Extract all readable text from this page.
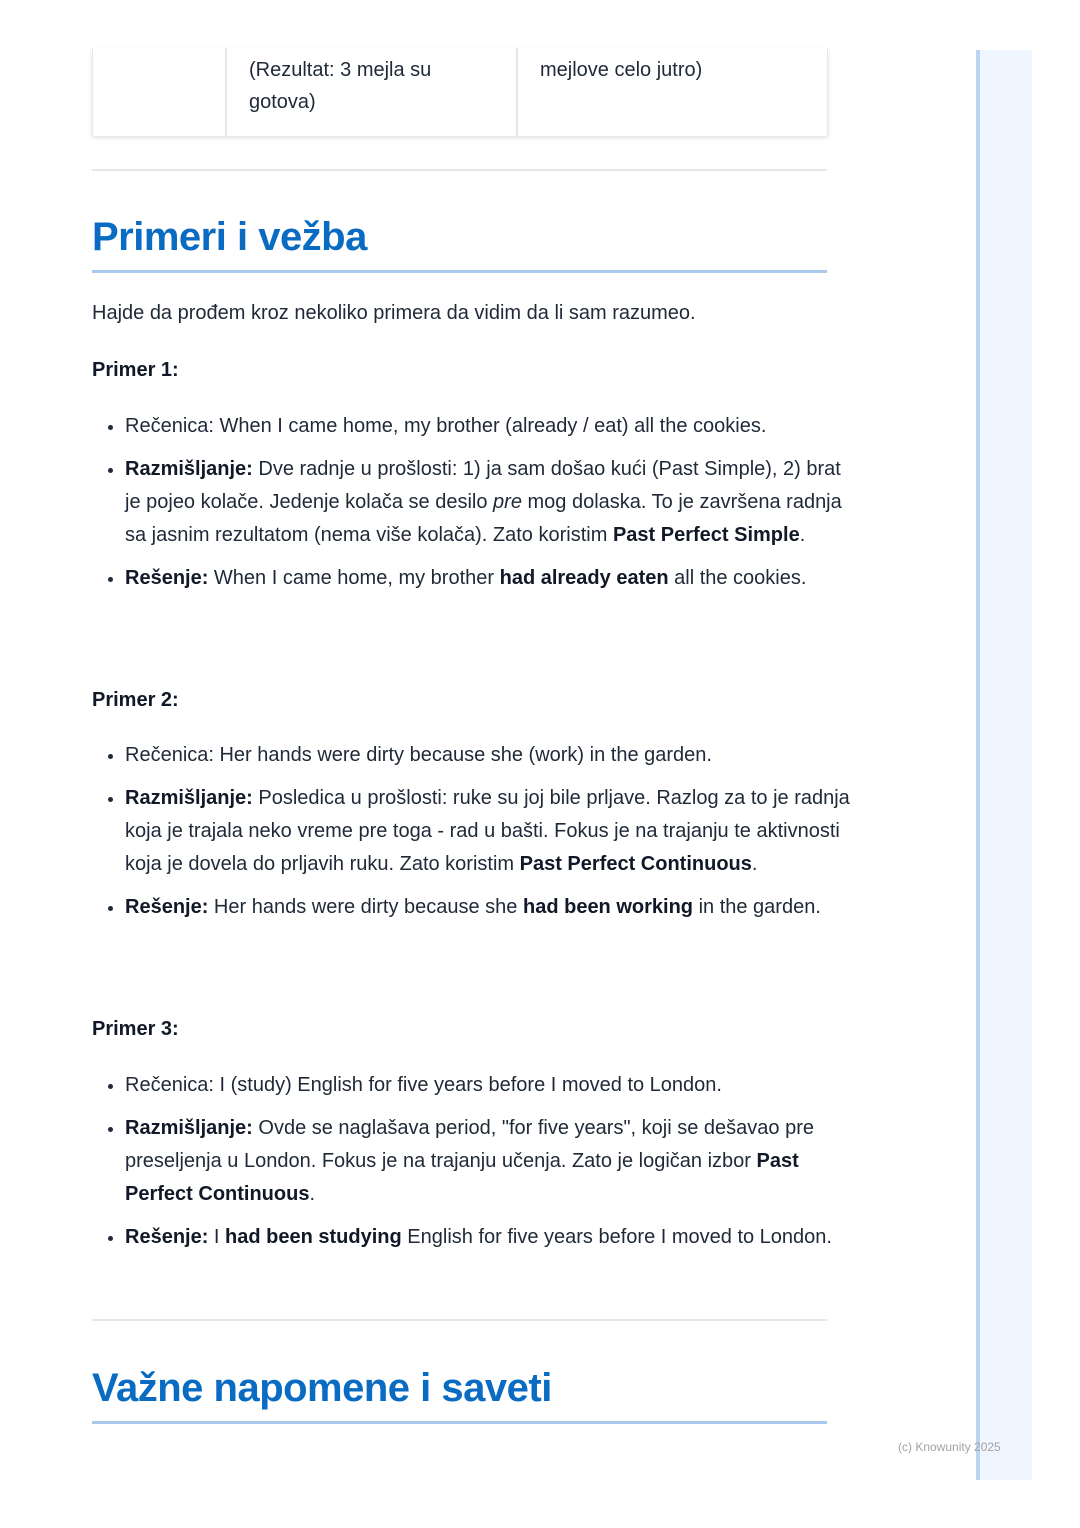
	(Rezultat: 3 mejla su gotova)	mejlove celo jutro)
Primeri i vežba

Hajde da prođem kroz nekoliko primera da vidim da li sam razumeo.

Primer 1:
• Rečenica: When I came home, my brother (already / eat) all the cookies.
• Razmišljanje: Dve radnje u prošlosti: 1) ja sam došao kući (Past Simple), 2) brat je pojeo kolače. Jedenje kolača se desilo pre mog dolaska. To je završena radnja sa jasnim rezultatom (nema više kolača). Zato koristim Past Perfect Simple.
• Rešenje: When I came home, my brother had already eaten all the cookies.
Primer 2:
• Rečenica: Her hands were dirty because she (work) in the garden.
• Razmišljanje: Posledica u prošlosti: ruke su joj bile prljave. Razlog za to je radnja koja je trajala neko vreme pre toga - rad u bašti. Fokus je na trajanju te aktivnosti koja je dovela do prljavih ruku. Zato koristim Past Perfect Continuous.
• Rešenje: Her hands were dirty because she had been working in the garden.
Primer 3:
• Rečenica: I (study) English for five years before I moved to London.
• Razmišljanje: Ovde se naglašava period, "for five years", koji se dešavao pre preseljenja u London. Fokus je na trajanju učenja. Zato je logičan izbor Past Perfect Continuous.
• Rešenje: I had been studying English for five years before I moved to London.
Važne napomene i saveti
(c) Knowunity 2025
